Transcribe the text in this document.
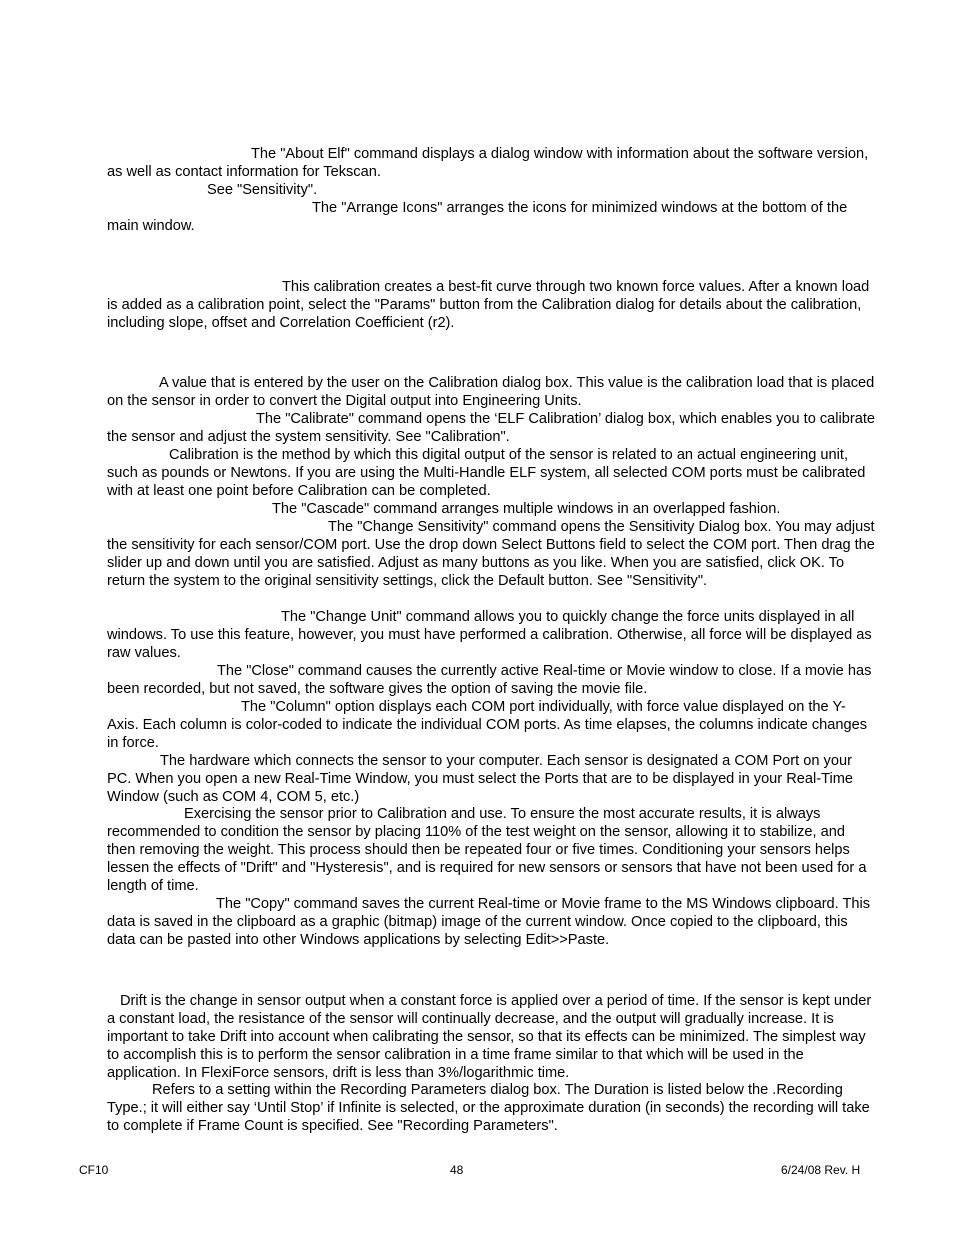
The "About Elf" command displays a dialog window with information about the software version, as well as contact information for Tekscan.

See "Sensitivity".

The "Arrange Icons" arranges the icons for minimized windows at the bottom of the main window.

This calibration creates a best-fit curve through two known force values. After a known load is added as a calibration point, select the "Params" button from the Calibration dialog for details about the calibration, including slope, offset and Correlation Coefficient (r2).

A value that is entered by the user on the Calibration dialog box. This value is the calibration load that is placed on the sensor in order to convert the Digital output into Engineering Units.

The "Calibrate" command opens the ‘ELF Calibration’ dialog box, which enables you to calibrate the sensor and adjust the system sensitivity. See "Calibration".

Calibration is the method by which this digital output of the sensor is related to an actual engineering unit, such as pounds or Newtons. If you are using the Multi-Handle ELF system, all selected COM ports must be calibrated with at least one point before Calibration can be completed.

The "Cascade" command arranges multiple windows in an overlapped fashion.

The "Change Sensitivity" command opens the Sensitivity Dialog box. You may adjust the sensitivity for each sensor/COM port. Use the drop down Select Buttons field to select the COM port. Then drag the slider up and down until you are satisfied. Adjust as many buttons as you like. When you are satisfied, click OK. To return the system to the original sensitivity settings, click the Default button. See "Sensitivity".

The "Change Unit" command allows you to quickly change the force units displayed in all windows. To use this feature, however, you must have performed a calibration. Otherwise, all force will be displayed as raw values.

The "Close" command causes the currently active Real-time or Movie window to close. If a movie has been recorded, but not saved, the software gives the option of saving the movie file.

The "Column" option displays each COM port individually, with force value displayed on the Y-Axis. Each column is color-coded to indicate the individual COM ports. As time elapses, the columns indicate changes in force.

The hardware which connects the sensor to your computer. Each sensor is designated a COM Port on your PC. When you open a new Real-Time Window, you must select the Ports that are to be displayed in your Real-Time Window (such as COM 4, COM 5, etc.)

Exercising the sensor prior to Calibration and use. To ensure the most accurate results, it is always recommended to condition the sensor by placing 110% of the test weight on the sensor, allowing it to stabilize, and then removing the weight. This process should then be repeated four or five times. Conditioning your sensors helps lessen the effects of "Drift" and "Hysteresis", and is required for new sensors or sensors that have not been used for a length of time.

The "Copy" command saves the current Real-time or Movie frame to the MS Windows clipboard. This data is saved in the clipboard as a graphic (bitmap) image of the current window. Once copied to the clipboard, this data can be pasted into other Windows applications by selecting Edit>>Paste.

Drift is the change in sensor output when a constant force is applied over a period of time. If the sensor is kept under a constant load, the resistance of the sensor will continually decrease, and the output will gradually increase. It is important to take Drift into account when calibrating the sensor, so that its effects can be minimized. The simplest way to accomplish this is to perform the sensor calibration in a time frame similar to that which will be used in the application. In FlexiForce sensors, drift is less than 3%/logarithmic time.

Refers to a setting within the Recording Parameters dialog box. The Duration is listed below the .Recording Type.; it will either say ‘Until Stop’ if Infinite is selected, or the approximate duration (in seconds) the recording will take to complete if Frame Count is specified. See "Recording Parameters".

CF10	48	6/24/08 Rev. H
